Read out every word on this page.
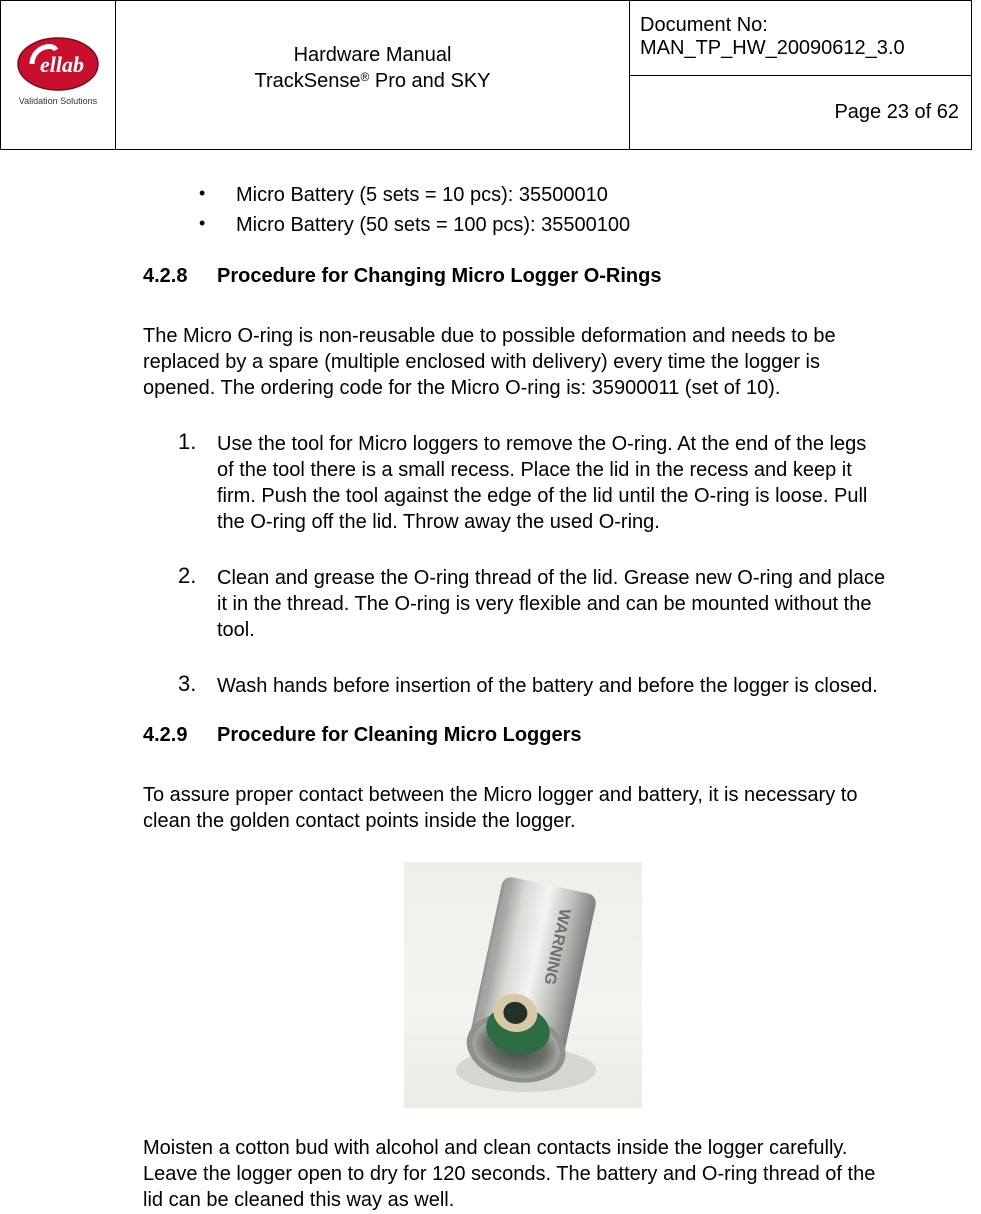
ellab
Validation Solutions

Hardware Manual
TrackSense® Pro and SKY

Document No:
MAN_TP_HW_20090612_3.0

Page 23 of 62
• Micro Battery (5 sets = 10 pcs): 35500010
• Micro Battery (50 sets = 100 pcs): 35500100
4.2.8 Procedure for Changing Micro Logger O-Rings
The Micro O-ring is non-reusable due to possible deformation and needs to be
replaced by a spare (multiple enclosed with delivery) every time the logger is
opened. The ordering code for the Micro O-ring is: 35900011 (set of 10).
1. Use the tool for Micro loggers to remove the O-ring. At the end of the legs
of the tool there is a small recess. Place the lid in the recess and keep it
firm. Push the tool against the edge of the lid until the O-ring is loose. Pull
the O-ring off the lid. Throw away the used O-ring.
2. Clean and grease the O-ring thread of the lid. Grease new O-ring and place
it in the thread. The O-ring is very flexible and can be mounted without the
tool.
3. Wash hands before insertion of the battery and before the logger is closed.
4.2.9 Procedure for Cleaning Micro Loggers
To assure proper contact between the Micro logger and battery, it is necessary to
clean the golden contact points inside the logger.
WARNING
Moisten a cotton bud with alcohol and clean contacts inside the logger carefully.
Leave the logger open to dry for 120 seconds. The battery and O-ring thread of the
lid can be cleaned this way as well.
